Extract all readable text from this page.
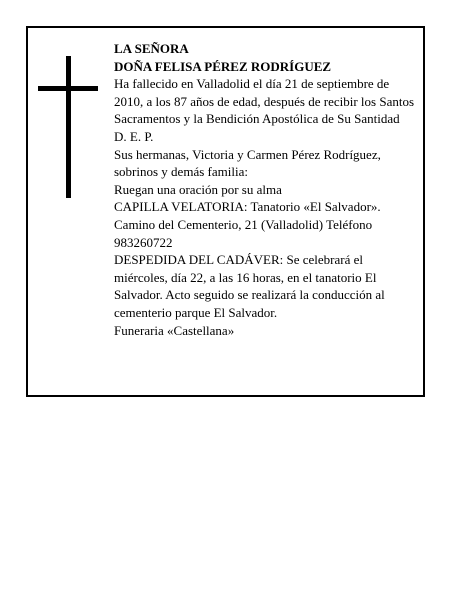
LA SEÑORA

DOÑA FELISA PÉREZ RODRÍGUEZ

Ha fallecido en Valladolid el día 21 de septiembre de 2010, a los 87 años de edad, después de recibir los Santos Sacramentos y la Bendición Apostólica de Su Santidad

D. E. P.

Sus hermanas, Victoria y Carmen Pérez Rodríguez, sobrinos y demás familia:

Ruegan una oración por su alma

CAPILLA VELATORIA: Tanatorio «El Salvador». Camino del Cementerio, 21 (Valladolid) Teléfono 983260722

DESPEDIDA DEL CADÁVER: Se celebrará el miércoles, día 22, a las 16 horas, en el tanatorio El Salvador. Acto seguido se realizará la conducción al cementerio parque El Salvador.

Funeraria «Castellana»
